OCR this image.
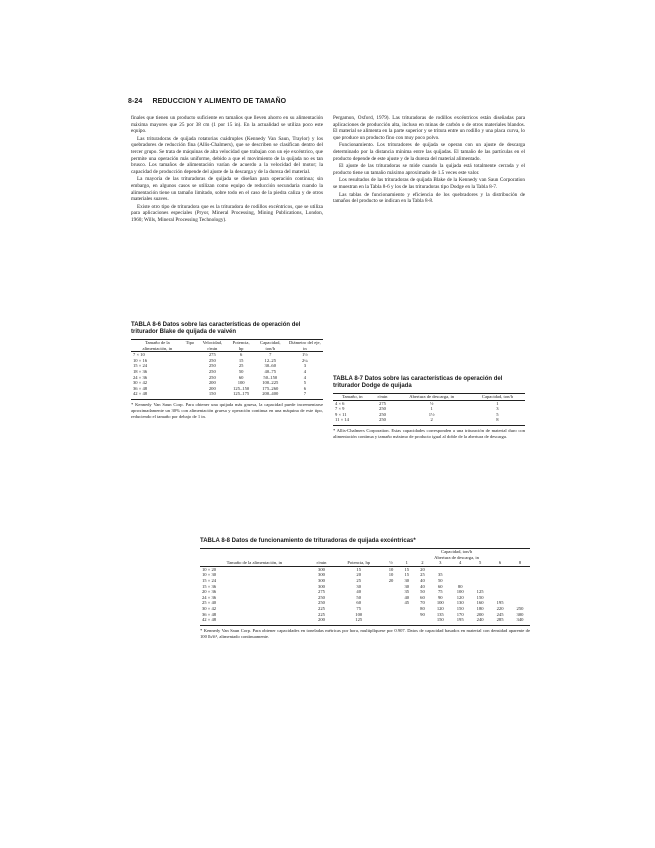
8-24 REDUCCION Y ALIMENTO DE TAMAÑO

finales que tienen un producto suficiente en tamaños que lleven ahorro en su alimentación máxima mayores que 25 por 38 cm (1 por 15 in). En la actualidad se utiliza poco este equipo.

Las trituradoras de quijada rotatorias cuádruples (Kennedy Van Saun, Traylor) y los quebradores de reducción fina (Allis-Chalmers), que se describen se clasifican dentro del tercer grupo. Se trata de máquinas de alta velocidad que trabajan con un eje excéntrico, que permite una operación más uniforme, debido a que el movimiento de la quijada no es tan brusco. Los tamaños de alimentación varían de acuerdo a la velocidad del motor; la capacidad de producción depende del ajuste de la descarga y de la dureza del material.

La mayoría de las trituradoras de quijada se diseñan para operación continua; sin embargo, en algunos casos se utilizan como equipo de reducción secundaria cuando la alimentación tiene un tamaño limitado, sobre todo en el caso de la piedra caliza y de otros materiales suaves.

Existe otro tipo de trituradora que es la trituradora de rodillos excéntricos, que se utiliza para aplicaciones especiales (Pryor, Mineral Processing, Mining Publications, London, 1960; Wills, Mineral Processing Technology).

TABLA 8-6 Datos sobre las características de operación del triturador Blake de quijada de vaivén
Tamaño de la alimentación, in	Tipo	Velocidad, r/min	Potencia, hp	Capacidad, ton/h	Diámetro del eje, in
7 × 10		275	6	7	1½
10 × 16		250	15	12–25	2¼
15 × 24		250	25	30–60	3
18 × 36		250	50	40–75	4
24 × 36		250	60	50–150	4
30 × 42		200	100	100–225	5
36 × 48		200	125–150	175–260	6
42 × 48		150	125–175	200–400	7
* Kennedy Van Saun Corp. Para obtener una quijada más gruesa, la capacidad puede incrementarse aproximadamente un 30% con alimentación gruesa y operación continua en una máquina de este tipo, reduciendo el tamaño por debajo de 1 in.

Pergamon, Oxford, 1979). Las trituradoras de rodillos excéntricos están diseñadas para aplicaciones de producción alta, incluso en minas de carbón o de otros materiales blandos. El material se alimenta en la parte superior y se tritura entre un rodillo y una placa curva, lo que produce un producto fino con muy poco polvo.

Funcionamiento. Los trituradores de quijada se operan con un ajuste de descarga determinado por la distancia mínima entre las quijadas. El tamaño de las partículas en el producto depende de este ajuste y de la dureza del material alimentado.

El ajuste de las trituradoras se mide cuando la quijada está totalmente cerrada y el producto tiene un tamaño máximo aproximado de 1.5 veces este valor.

Los resultados de las trituradoras de quijada Blake de la Kennedy van Saun Corporation se muestran en la Tabla 8-6 y los de las trituradoras tipo Dodge en la Tabla 8-7.

Las tablas de funcionamiento y eficiencia de los quebradores y la distribución de tamaños del producto se indican en la Tabla 8-8.

TABLA 8-7 Datos sobre las características de operación del triturador Dodge de quijada
Tamaño, in	r/min	Abertura de descarga, in	Capacidad, ton/h
4 × 6	275	½	1
7 × 9	250	1	3
9 × 11	250	1½	5
11 × 14	250	2	8
* Allis-Chalmers Corporation. Estas capacidades corresponden a una trituración de material duro con alimentación continua y tamaño máximo de producto igual al doble de la abertura de descarga.
TABLA 8-8 Datos de funcionamiento de trituradoras de quijada excéntricas*
			Capacidad, ton/h							
			Abertura de descarga, in							
Tamaño de la alimentación, in	r/min	Potencia, hp	½	1	2	3	4	5	6	8
10 × 20	300	15	10	15	20					
10 × 30	300	20	10	15	25	35				
15 × 24	300	25	20	30	40	50				
15 × 36	300	30		30	40	60	80			
20 × 36	275	40		35	50	75	100	125		
24 × 36	250	50		40	60	90	120	150		
25 × 40	250	60		45	70	100	130	160	195	
30 × 42	225	75			80	120	150	180	220	250
36 × 48	225	100			90	135	170	200	245	300
42 × 48	200	125				150	195	240	285	340
* Kennedy Van Saun Corp. Para obtener capacidades en toneladas métricas por hora, multiplíquese por 0.907. Datos de capacidad basados en material con densidad aparente de 100 lb/ft³, alimentado continuamente.
